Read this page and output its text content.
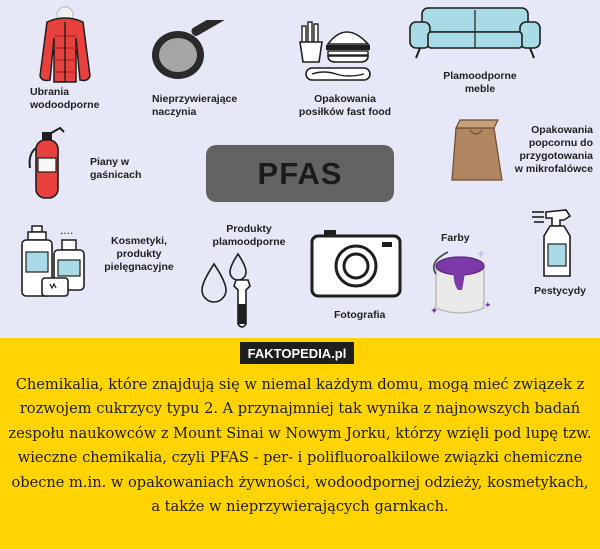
Ubrania
wodoodporne	Nieprzywierające
naczynia
Opakowania
posiłków fast food
Plamoodporne
meble
Piany w
gaśnicach
Opakowania
popcornu do
przygotowania
w mikrofalówce
PFAS
....
Kosmetyki,
produkty
pielęgnacyjne
Produkty
plamoodporne
Fotografia
Farby
✦
✦	✦
Pestycydy
FAKTOPEDIA.pl

Chemikalia, które znajdują się w niemal każdym domu, mogą mieć związek z rozwojem cukrzycy typu 2. A przynajmniej tak wynika z najnowszych badań zespołu naukowców z Mount Sinai w Nowym Jorku, którzy wzięli pod lupę tzw. wieczne chemikalia, czyli PFAS - per- i polifluoroalkilowe związki chemiczne obecne m.in. w opakowaniach żywności, wodoodpornej odzieży, kosmetykach, a także w nieprzywierających garnkach.
